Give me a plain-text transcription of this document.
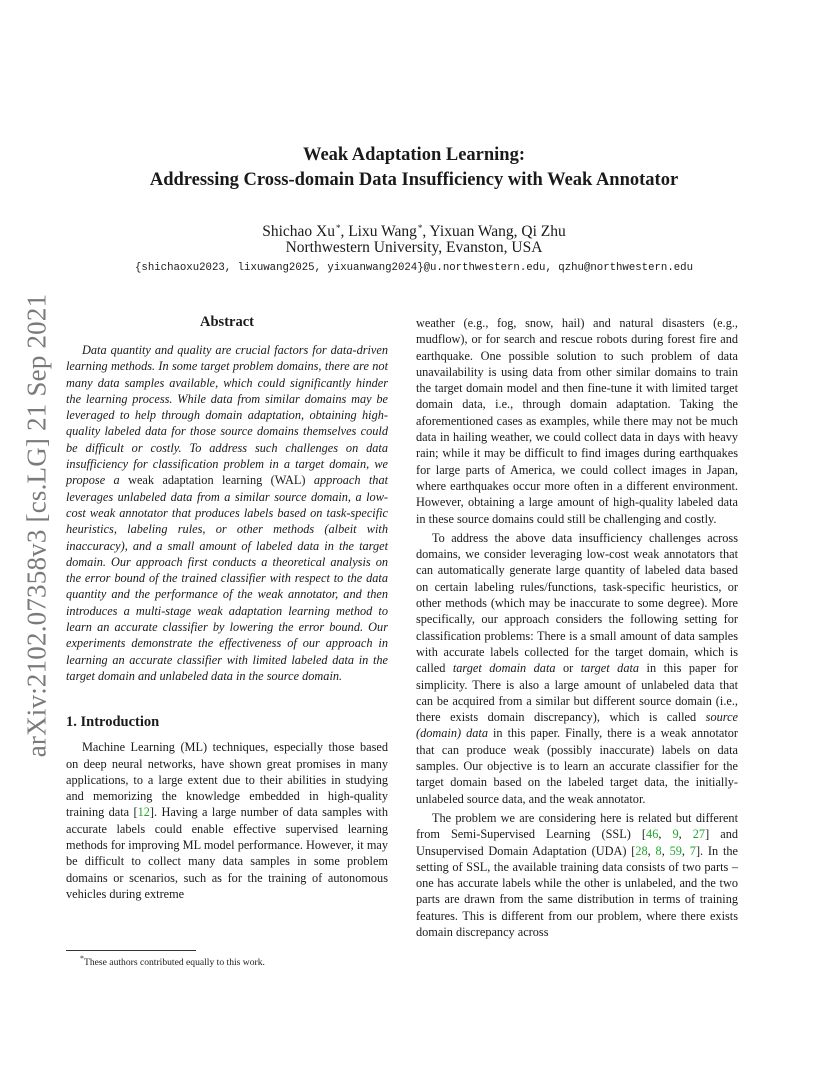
arXiv:2102.07358v3 [cs.LG] 21 Sep 2021
Weak Adaptation Learning:
Addressing Cross-domain Data Insufficiency with Weak Annotator
Shichao Xu*, Lixu Wang*, Yixuan Wang, Qi Zhu
Northwestern University, Evanston, USA
{shichaoxu2023, lixuwang2025, yixuanwang2024}@u.northwestern.edu, qzhu@northwestern.edu
Abstract
Data quantity and quality are crucial factors for data-driven learning methods. In some target problem domains, there are not many data samples available, which could significantly hinder the learning process. While data from similar domains may be leveraged to help through domain adaptation, obtaining high-quality labeled data for those source domains themselves could be difficult or costly. To address such challenges on data insufficiency for classification problem in a target domain, we propose a weak adaptation learning (WAL) approach that leverages unlabeled data from a similar source domain, a low-cost weak annotator that produces labels based on task-specific heuristics, labeling rules, or other methods (albeit with inaccuracy), and a small amount of labeled data in the target domain. Our approach first conducts a theoretical analysis on the error bound of the trained classifier with respect to the data quantity and the performance of the weak annotator, and then introduces a multi-stage weak adaptation learning method to learn an accurate classifier by lowering the error bound. Our experiments demonstrate the effectiveness of our approach in learning an accurate classifier with limited labeled data in the target domain and unlabeled data in the source domain.
1. Introduction
Machine Learning (ML) techniques, especially those based on deep neural networks, have shown great promises in many applications, to a large extent due to their abilities in studying and memorizing the knowledge embedded in high-quality training data [12]. Having a large number of data samples with accurate labels could enable effective supervised learning methods for improving ML model performance. However, it may be difficult to collect many data samples in some problem domains or scenarios, such as for the training of autonomous vehicles during extreme
weather (e.g., fog, snow, hail) and natural disasters (e.g., mudflow), or for search and rescue robots during forest fire and earthquake. One possible solution to such problem of data unavailability is using data from other similar domains to train the target domain model and then fine-tune it with limited target domain data, i.e., through domain adaptation. Taking the aforementioned cases as examples, while there may not be much data in hailing weather, we could collect data in days with heavy rain; while it may be difficult to find images during earthquakes for large parts of America, we could collect images in Japan, where earthquakes occur more often in a different environment. However, obtaining a large amount of high-quality labeled data in these source domains could still be challenging and costly.
To address the above data insufficiency challenges across domains, we consider leveraging low-cost weak annotators that can automatically generate large quantity of labeled data based on certain labeling rules/functions, task-specific heuristics, or other methods (which may be inaccurate to some degree). More specifically, our approach considers the following setting for classification problems: There is a small amount of data samples with accurate labels collected for the target domain, which is called target domain data or target data in this paper for simplicity. There is also a large amount of unlabeled data that can be acquired from a similar but different source domain (i.e., there exists domain discrepancy), which is called source (domain) data in this paper. Finally, there is a weak annotator that can produce weak (possibly inaccurate) labels on data samples. Our objective is to learn an accurate classifier for the target domain based on the labeled target data, the initially-unlabeled source data, and the weak annotator.
The problem we are considering here is related but different from Semi-Supervised Learning (SSL) [46, 9, 27] and Unsupervised Domain Adaptation (UDA) [28, 8, 59, 7]. In the setting of SSL, the available training data consists of two parts – one has accurate labels while the other is unlabeled, and the two parts are drawn from the same distribution in terms of training features. This is different from our problem, where there exists domain discrepancy across
*These authors contributed equally to this work.
